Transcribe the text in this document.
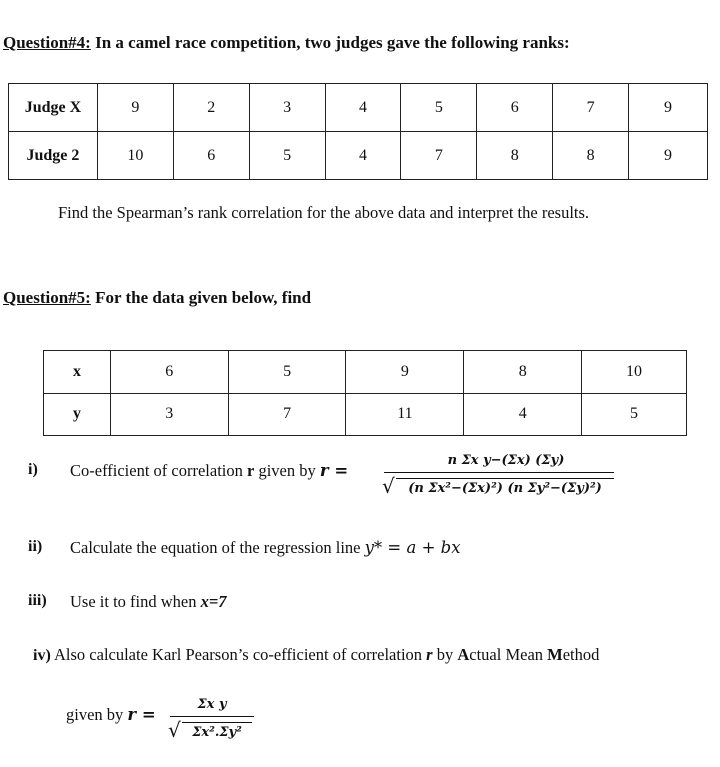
Question#4: In a camel race competition, two judges gave the following ranks:
Judge X	9	2	3	4	5	6	7	9
Judge 2	10	6	5	4	7	8	8	9
Find the Spearman’s rank correlation for the above data and interpret the results.
Question#5: For the data given below, find
x	6	5	9	8	10
y	3	7	11	4	5
i) Co-efficient of correlation r given by r =
n Σx y−(Σx) (Σy)
√	(n Σx²−(Σx)²) (n Σy²−(Σy)²)
ii) Calculate the equation of the regression line y* = a + bx
iii) Use it to find when x=7
iv) Also calculate Karl Pearson’s co-efficient of correlation r by Actual Mean Method
given by r =
Σx y
√ Σx².Σy²
